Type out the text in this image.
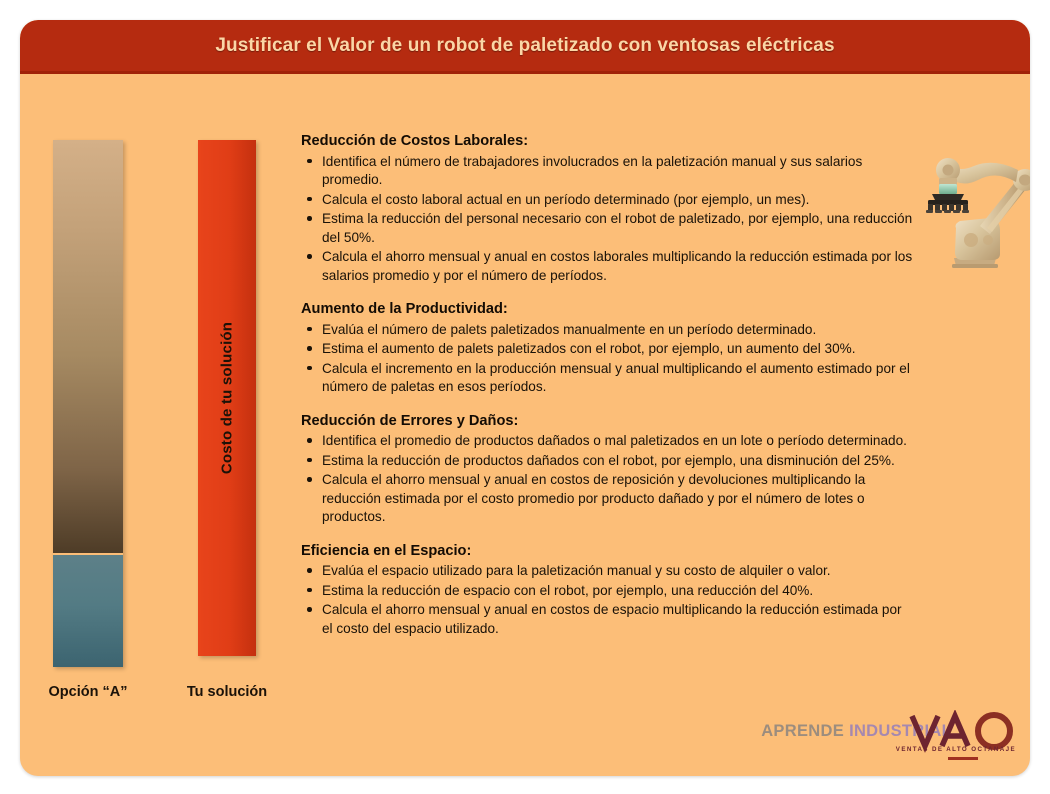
Justificar el Valor de un robot de paletizado con ventosas eléctricas
Costo de tu solución
Opción “A”	Tu solución
Reducción de Costos Laborales:
Identifica el número de trabajadores involucrados en la paletización manual y sus salarios promedio.
Calcula el costo laboral actual en un período determinado (por ejemplo, un mes).
Estima la reducción del personal necesario con el robot de paletizado, por ejemplo, una reducción del 50%.
Calcula el ahorro mensual y anual en costos laborales multiplicando la reducción estimada por los salarios promedio y por el número de períodos.
Aumento de la Productividad:
Evalúa el número de palets paletizados manualmente en un período determinado.
Estima el aumento de palets paletizados con el robot, por ejemplo, un aumento del 30%.
Calcula el incremento en la producción mensual y anual multiplicando el aumento estimado por el número de paletas en esos períodos.
Reducción de Errores y Daños:
Identifica el promedio de productos dañados o mal paletizados en un lote o período determinado.
Estima la reducción de productos dañados con el robot, por ejemplo, una disminución del 25%.
Calcula el ahorro mensual y anual en costos de reposición y devoluciones multiplicando la reducción estimada por el costo promedio por producto dañado y por el número de lotes o productos.
Eficiencia en el Espacio:
Evalúa el espacio utilizado para la paletización manual y su costo de alquiler o valor.
Estima la reducción de espacio con el robot, por ejemplo, una reducción del 40%.
Calcula el ahorro mensual y anual en costos de espacio multiplicando la reducción estimada por el costo del espacio utilizado.
APRENDE INDUSTRIAL
VENTAS DE ALTO OCTANAJE
